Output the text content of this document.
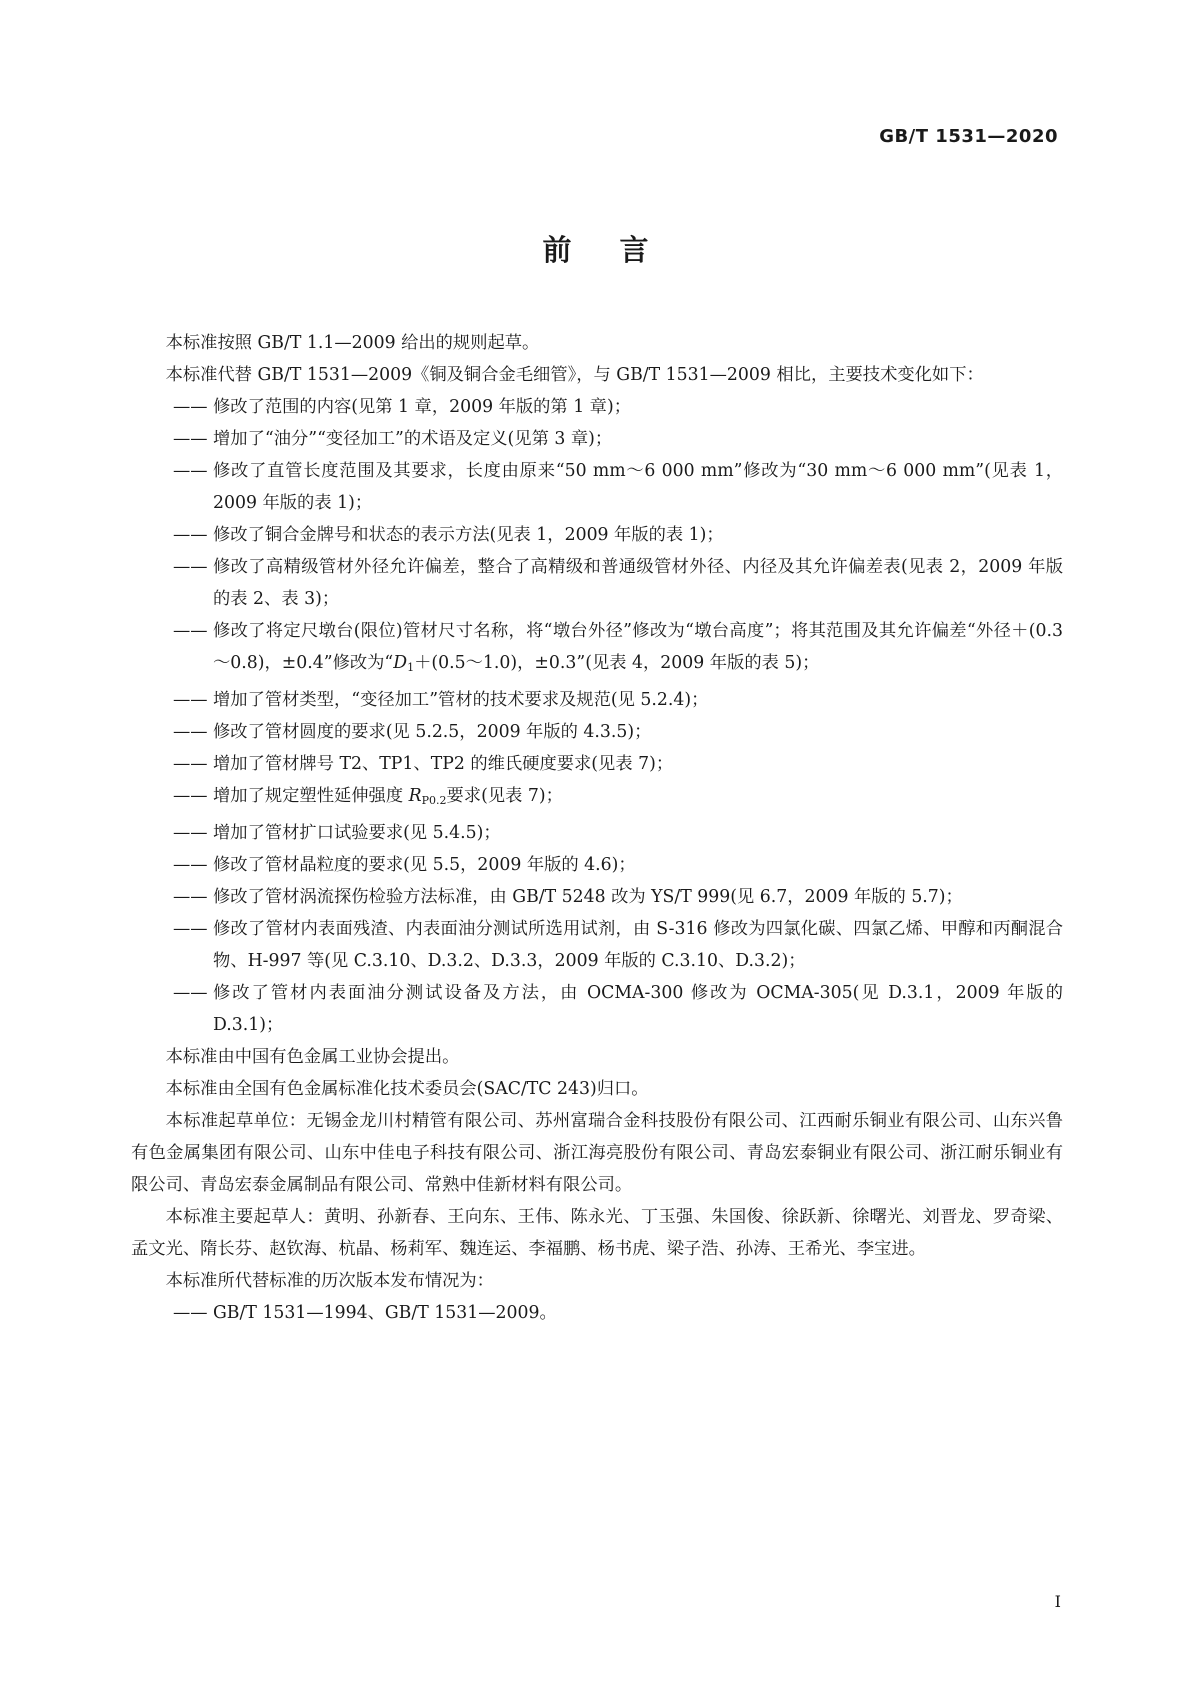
GB/T 1531—2020
前言

本标准按照 GB/T 1.1—2009 给出的规则起草。

本标准代替 GB/T 1531—2009《铜及铜合金毛细管》，与 GB/T 1531—2009 相比，主要技术变化如下：

—— 修改了范围的内容(见第 1 章，2009 年版的第 1 章)；

—— 增加了“油分”“变径加工”的术语及定义(见第 3 章)；

—— 修改了直管长度范围及其要求，长度由原来“50 mm～6 000 mm”修改为“30 mm～6 000 mm”(见表 1，2009 年版的表 1)；

—— 修改了铜合金牌号和状态的表示方法(见表 1，2009 年版的表 1)；

—— 修改了高精级管材外径允许偏差，整合了高精级和普通级管材外径、内径及其允许偏差表(见表 2，2009 年版的表 2、表 3)；

—— 修改了将定尺墩台(限位)管材尺寸名称，将“墩台外径”修改为“墩台高度”；将其范围及其允许偏差“外径＋(0.3～0.8)，±0.4”修改为“$D_1+(0.5\sim 1.0)$，±0.3”(见表 4，2009 年版的表 5)；

—— 增加了管材类型，“变径加工”管材的技术要求及规范(见 5.2.4)；

—— 修改了管材圆度的要求(见 5.2.5，2009 年版的 4.3.5)；

—— 增加了管材牌号 T2、TP1、TP2 的维氏硬度要求(见表 7)；

—— 增加了规定塑性延伸强度 $R_{P0.2}$要求(见表 7)；

—— 增加了管材扩口试验要求(见 5.4.5)；

—— 修改了管材晶粒度的要求(见 5.5，2009 年版的 4.6)；

—— 修改了管材涡流探伤检验方法标准，由 GB/T 5248 改为 YS/T 999(见 6.7，2009 年版的 5.7)；

—— 修改了管材内表面残渣、内表面油分测试所选用试剂，由 S-316 修改为四氯化碳、四氯乙烯、甲醇和丙酮混合物、H-997 等(见 C.3.10、D.3.2、D.3.3，2009 年版的 C.3.10、D.3.2)；

—— 修改了管材内表面油分测试设备及方法，由 OCMA-300 修改为 OCMA-305(见 D.3.1，2009 年版的 D.3.1)；

本标准由中国有色金属工业协会提出。

本标准由全国有色金属标准化技术委员会(SAC/TC 243)归口。

本标准起草单位：无锡金龙川村精管有限公司、苏州富瑞合金科技股份有限公司、江西耐乐铜业有限公司、山东兴鲁有色金属集团有限公司、山东中佳电子科技有限公司、浙江海亮股份有限公司、青岛宏泰铜业有限公司、浙江耐乐铜业有限公司、青岛宏泰金属制品有限公司、常熟中佳新材料有限公司。

本标准主要起草人：黄明、孙新春、王向东、王伟、陈永光、丁玉强、朱国俊、徐跃新、徐曙光、刘晋龙、罗奇梁、孟文光、隋长芬、赵钦海、杭晶、杨莉军、魏连运、李福鹏、杨书虎、梁子浩、孙涛、王希光、李宝进。

本标准所代替标准的历次版本发布情况为：

—— GB/T 1531—1994、GB/T 1531—2009。

I
